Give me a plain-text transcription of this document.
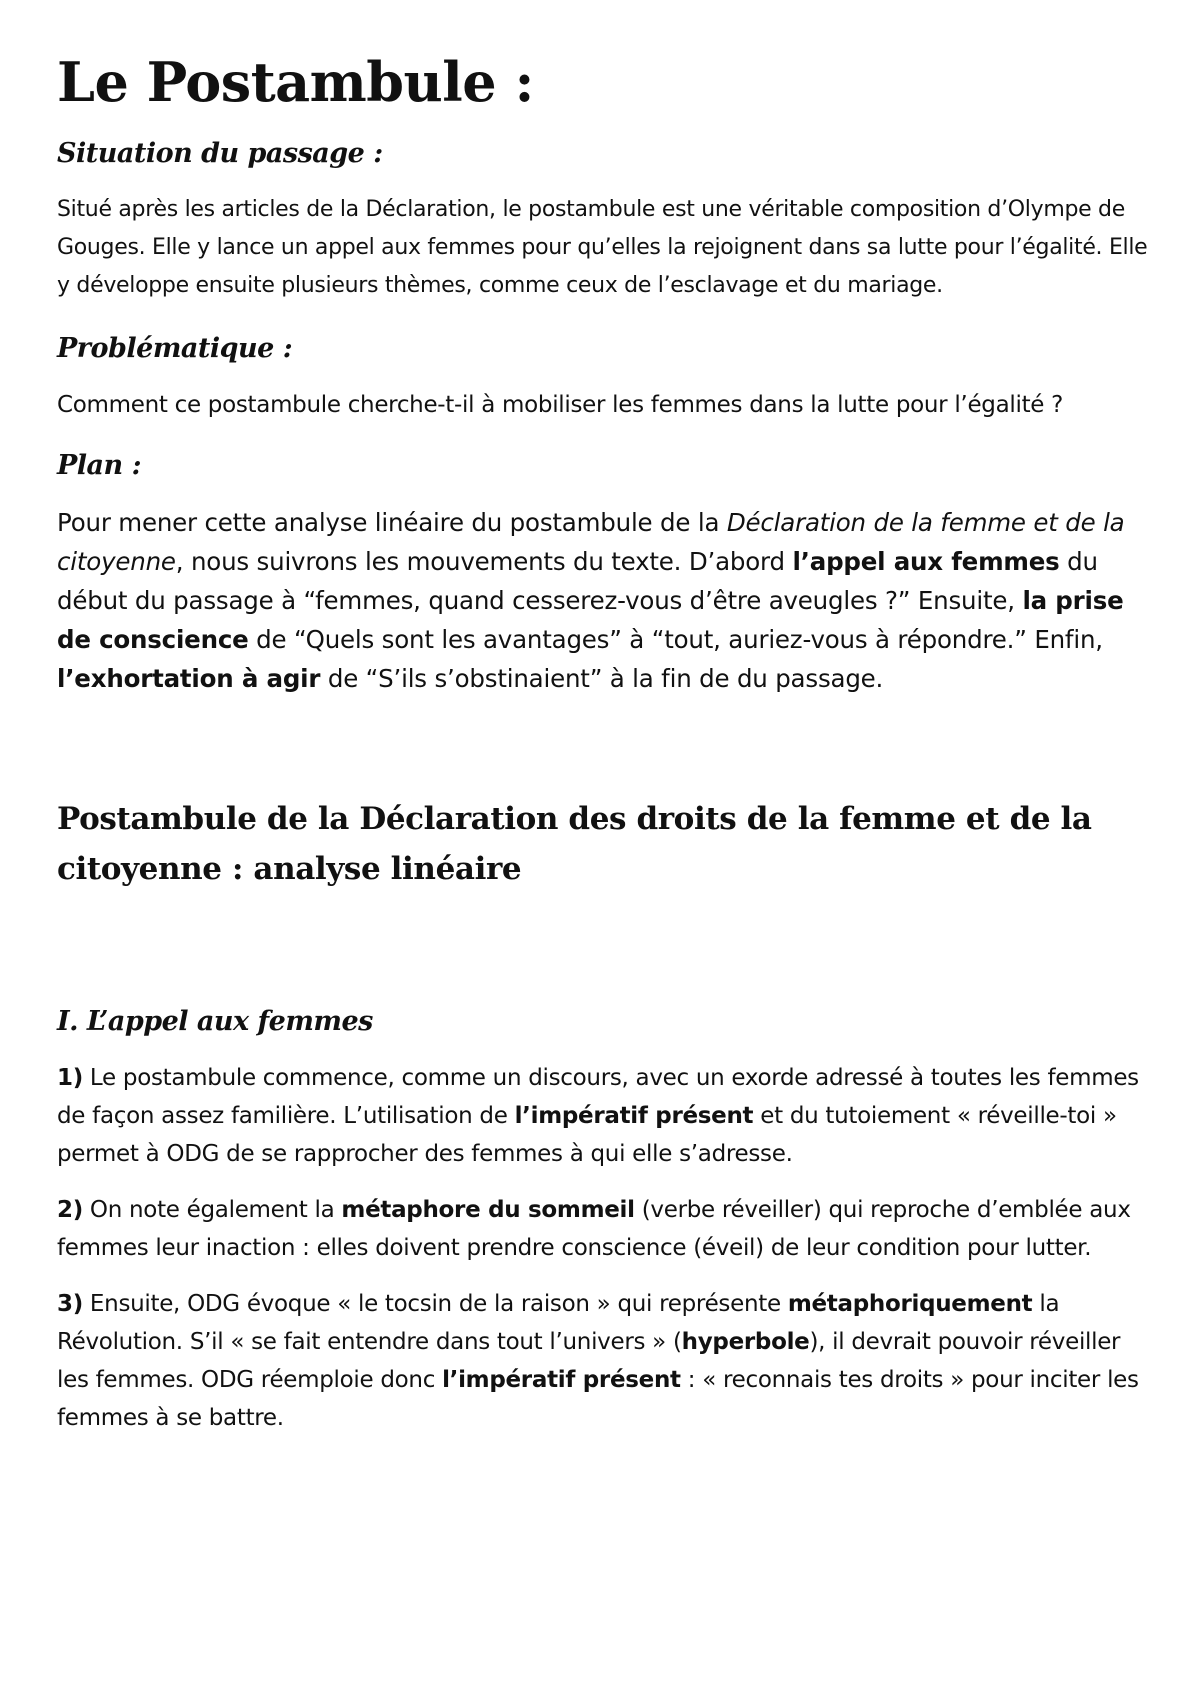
Le Postambule :
Situation du passage :

Situé après les articles de la Déclaration, le postambule est une véritable composition d’Olympe de Gouges. Elle y lance un appel aux femmes pour qu’elles la rejoignent dans sa lutte pour l’égalité. Elle y développe ensuite plusieurs thèmes, comme ceux de l’esclavage et du mariage.

Problématique :

Comment ce postambule cherche-t-il à mobiliser les femmes dans la lutte pour l’égalité ?

Plan :

Pour mener cette analyse linéaire du postambule de la Déclaration de la femme et de la citoyenne, nous suivrons les mouvements du texte. D’abord l’appel aux femmes du début du passage à “femmes, quand cesserez-vous d’être aveugles ?” Ensuite, la prise de conscience de “Quels sont les avantages” à “tout, auriez-vous à répondre.” Enfin, l’exhortation à agir de “S’ils s’obstinaient” à la fin de du passage.

Postambule de la Déclaration des droits de la femme et de la citoyenne : analyse linéaire
I. L’appel aux femmes

1) Le postambule commence, comme un discours, avec un exorde adressé à toutes les femmes de façon assez familière. L’utilisation de l’impératif présent et du tutoiement « réveille-toi » permet à ODG de se rapprocher des femmes à qui elle s’adresse.

2) On note également la métaphore du sommeil (verbe réveiller) qui reproche d’emblée aux femmes leur inaction : elles doivent prendre conscience (éveil) de leur condition pour lutter.

3) Ensuite, ODG évoque « le tocsin de la raison » qui représente métaphoriquement la Révolution. S’il « se fait entendre dans tout l’univers » (hyperbole), il devrait pouvoir réveiller les femmes. ODG réemploie donc l’impératif présent : « reconnais tes droits » pour inciter les femmes à se battre.
